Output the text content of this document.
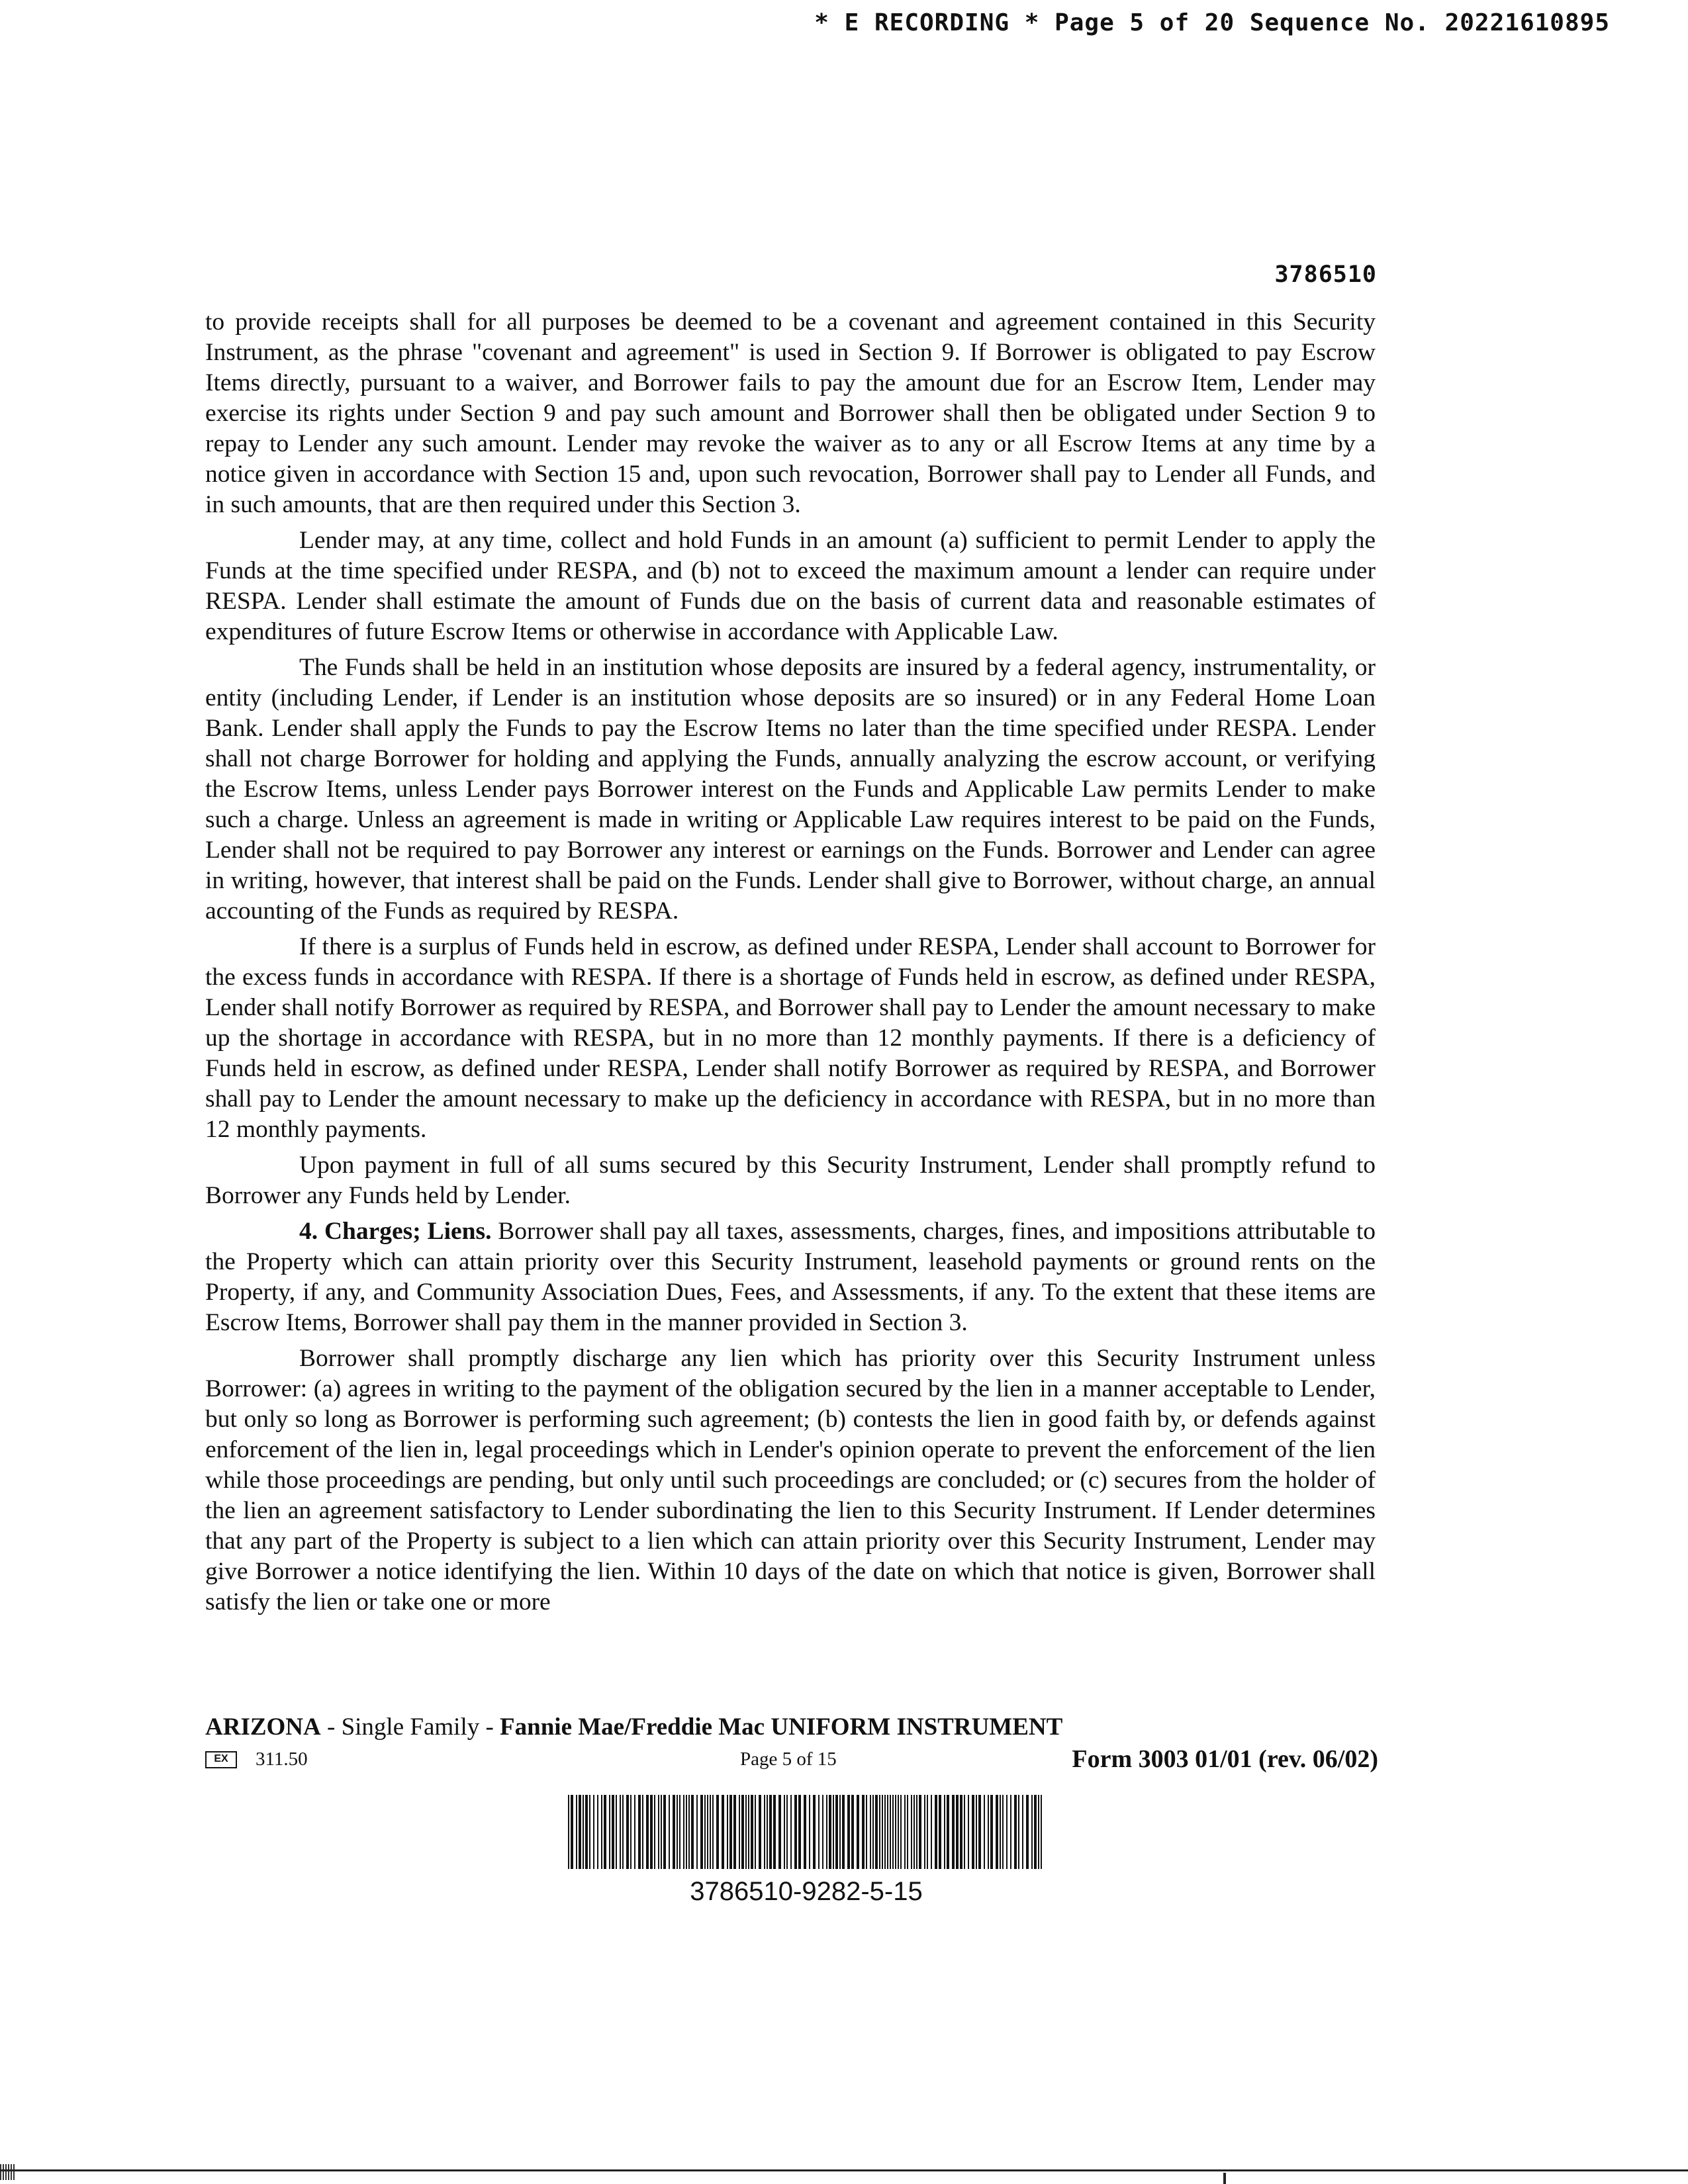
* E RECORDING * Page 5 of 20 Sequence No. 20221610895
3786510

to provide receipts shall for all purposes be deemed to be a covenant and agreement contained in this Security Instrument, as the phrase "covenant and agreement" is used in Section 9. If Borrower is obligated to pay Escrow Items directly, pursuant to a waiver, and Borrower fails to pay the amount due for an Escrow Item, Lender may exercise its rights under Section 9 and pay such amount and Borrower shall then be obligated under Section 9 to repay to Lender any such amount. Lender may revoke the waiver as to any or all Escrow Items at any time by a notice given in accordance with Section 15 and, upon such revocation, Borrower shall pay to Lender all Funds, and in such amounts, that are then required under this Section 3.

Lender may, at any time, collect and hold Funds in an amount (a) sufficient to permit Lender to apply the Funds at the time specified under RESPA, and (b) not to exceed the maximum amount a lender can require under RESPA. Lender shall estimate the amount of Funds due on the basis of current data and reasonable estimates of expenditures of future Escrow Items or otherwise in accordance with Applicable Law.

The Funds shall be held in an institution whose deposits are insured by a federal agency, instrumentality, or entity (including Lender, if Lender is an institution whose deposits are so insured) or in any Federal Home Loan Bank. Lender shall apply the Funds to pay the Escrow Items no later than the time specified under RESPA. Lender shall not charge Borrower for holding and applying the Funds, annually analyzing the escrow account, or verifying the Escrow Items, unless Lender pays Borrower interest on the Funds and Applicable Law permits Lender to make such a charge. Unless an agreement is made in writing or Applicable Law requires interest to be paid on the Funds, Lender shall not be required to pay Borrower any interest or earnings on the Funds. Borrower and Lender can agree in writing, however, that interest shall be paid on the Funds. Lender shall give to Borrower, without charge, an annual accounting of the Funds as required by RESPA.

If there is a surplus of Funds held in escrow, as defined under RESPA, Lender shall account to Borrower for the excess funds in accordance with RESPA. If there is a shortage of Funds held in escrow, as defined under RESPA, Lender shall notify Borrower as required by RESPA, and Borrower shall pay to Lender the amount necessary to make up the shortage in accordance with RESPA, but in no more than 12 monthly payments. If there is a deficiency of Funds held in escrow, as defined under RESPA, Lender shall notify Borrower as required by RESPA, and Borrower shall pay to Lender the amount necessary to make up the deficiency in accordance with RESPA, but in no more than 12 monthly payments.

Upon payment in full of all sums secured by this Security Instrument, Lender shall promptly refund to Borrower any Funds held by Lender.

4. Charges; Liens. Borrower shall pay all taxes, assessments, charges, fines, and impositions attributable to the Property which can attain priority over this Security Instrument, leasehold payments or ground rents on the Property, if any, and Community Association Dues, Fees, and Assessments, if any. To the extent that these items are Escrow Items, Borrower shall pay them in the manner provided in Section 3.

Borrower shall promptly discharge any lien which has priority over this Security Instrument unless Borrower: (a) agrees in writing to the payment of the obligation secured by the lien in a manner acceptable to Lender, but only so long as Borrower is performing such agreement; (b) contests the lien in good faith by, or defends against enforcement of the lien in, legal proceedings which in Lender's opinion operate to prevent the enforcement of the lien while those proceedings are pending, but only until such proceedings are concluded; or (c) secures from the holder of the lien an agreement satisfactory to Lender subordinating the lien to this Security Instrument. If Lender determines that any part of the Property is subject to a lien which can attain priority over this Security Instrument, Lender may give Borrower a notice identifying the lien. Within 10 days of the date on which that notice is given, Borrower shall satisfy the lien or take one or more

ARIZONA - Single Family - Fannie Mae/Freddie Mac UNIFORM INSTRUMENT
EX	311.50	Page 5 of 15	Form 3003 01/01 (rev. 06/02)
3786510-9282-5-15
